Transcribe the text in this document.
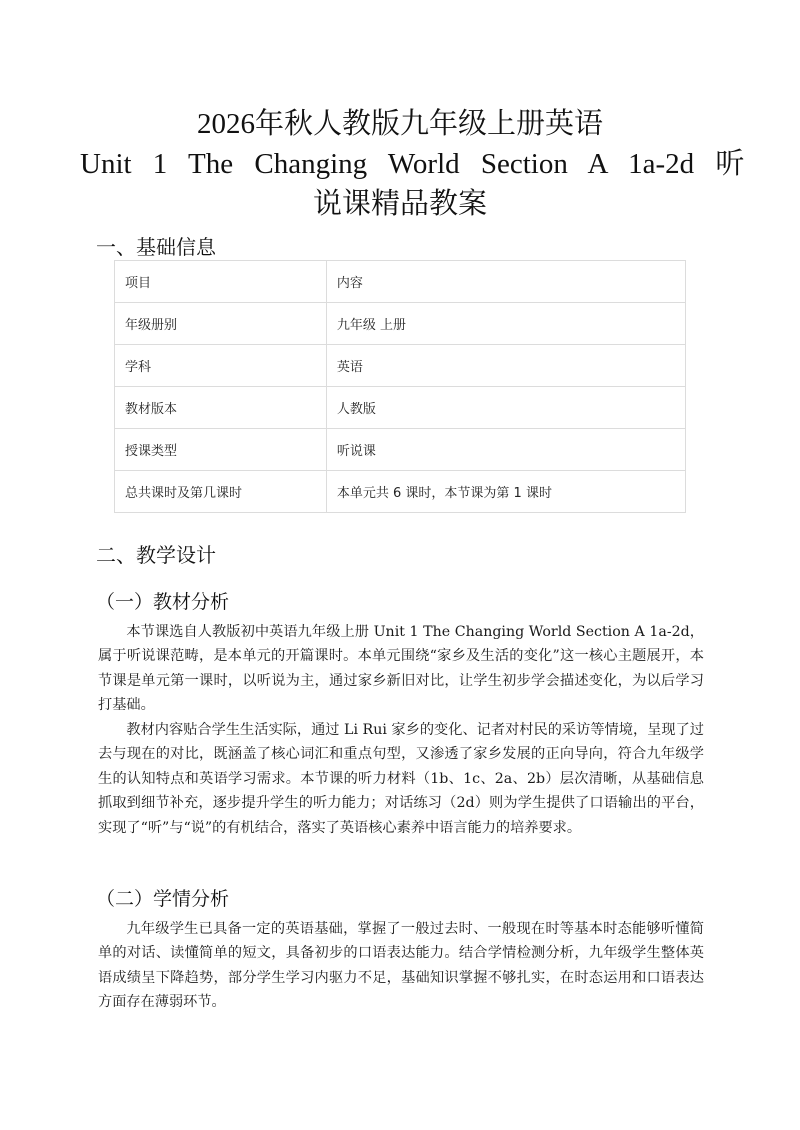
2026年秋人教版九年级上册英语
Unit 1 The Changing World Section A 1a-2d 听
说课精品教案
一、基础信息
项目	内容
年级册别	九年级 上册
学科	英语
教材版本	人教版
授课类型	听说课
总共课时及第几课时	本单元共 6 课时，本节课为第 1 课时
二、教学设计
（一）教材分析

本节课选自人教版初中英语九年级上册 Unit 1 The Changing World Section A 1a-2d，属于听说课范畴，是本单元的开篇课时。本单元围绕“家乡及生活的变化”这一核心主题展开，本节课是单元第一课时，以听说为主，通过家乡新旧对比，让学生初步学会描述变化，为以后学习打基础。

教材内容贴合学生生活实际，通过 Li Rui 家乡的变化、记者对村民的采访等情境，呈现了过去与现在的对比，既涵盖了核心词汇和重点句型，又渗透了家乡发展的正向导向，符合九年级学生的认知特点和英语学习需求。本节课的听力材料（1b、1c、2a、2b）层次清晰，从基础信息抓取到细节补充，逐步提升学生的听力能力；对话练习（2d）则为学生提供了口语输出的平台，实现了“听”与“说”的有机结合，落实了英语核心素养中语言能力的培养要求。

（二）学情分析

九年级学生已具备一定的英语基础，掌握了一般过去时、一般现在时等基本时态能够听懂简单的对话、读懂简单的短文，具备初步的口语表达能力。结合学情检测分析，九年级学生整体英语成绩呈下降趋势，部分学生学习内驱力不足，基础知识掌握不够扎实，在时态运用和口语表达方面存在薄弱环节。
